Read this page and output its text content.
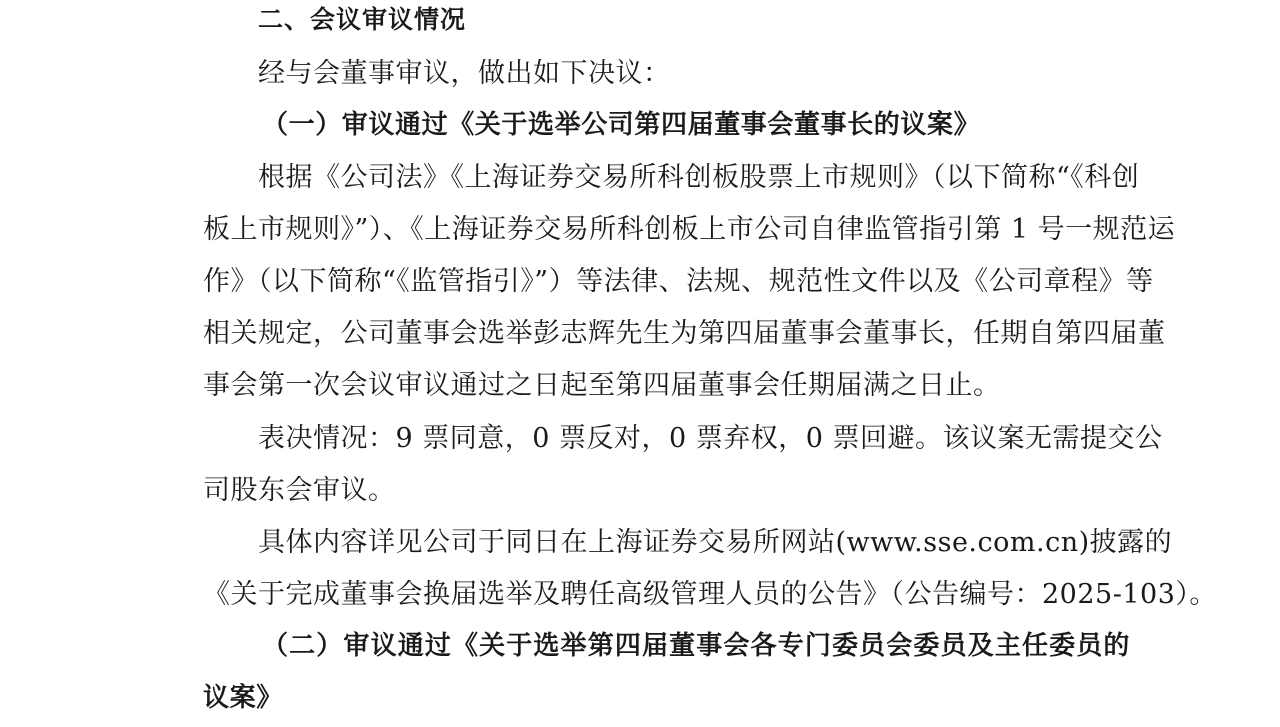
二、会议审议情况
经与会董事审议，做出如下决议：
（一）审议通过《关于选举公司第四届董事会董事长的议案》
根据《公司法》《上海证券交易所科创板股票上市规则》（以下简称“《科创
板上市规则》”）、《上海证券交易所科创板上市公司自律监管指引第 1 号一规范运
作》（以下简称“《监管指引》”）等法律、法规、规范性文件以及《公司章程》等
相关规定，公司董事会选举彭志辉先生为第四届董事会董事长，任期自第四届董
事会第一次会议审议通过之日起至第四届董事会任期届满之日止。
表决情况：9 票同意，0 票反对，0 票弃权，0 票回避。该议案无需提交公
司股东会审议。
具体内容详见公司于同日在上海证券交易所网站(www.sse.com.cn)披露的
《关于完成董事会换届选举及聘任高级管理人员的公告》（公告编号：2025-103）。
（二）审议通过《关于选举第四届董事会各专门委员会委员及主任委员的
议案》
